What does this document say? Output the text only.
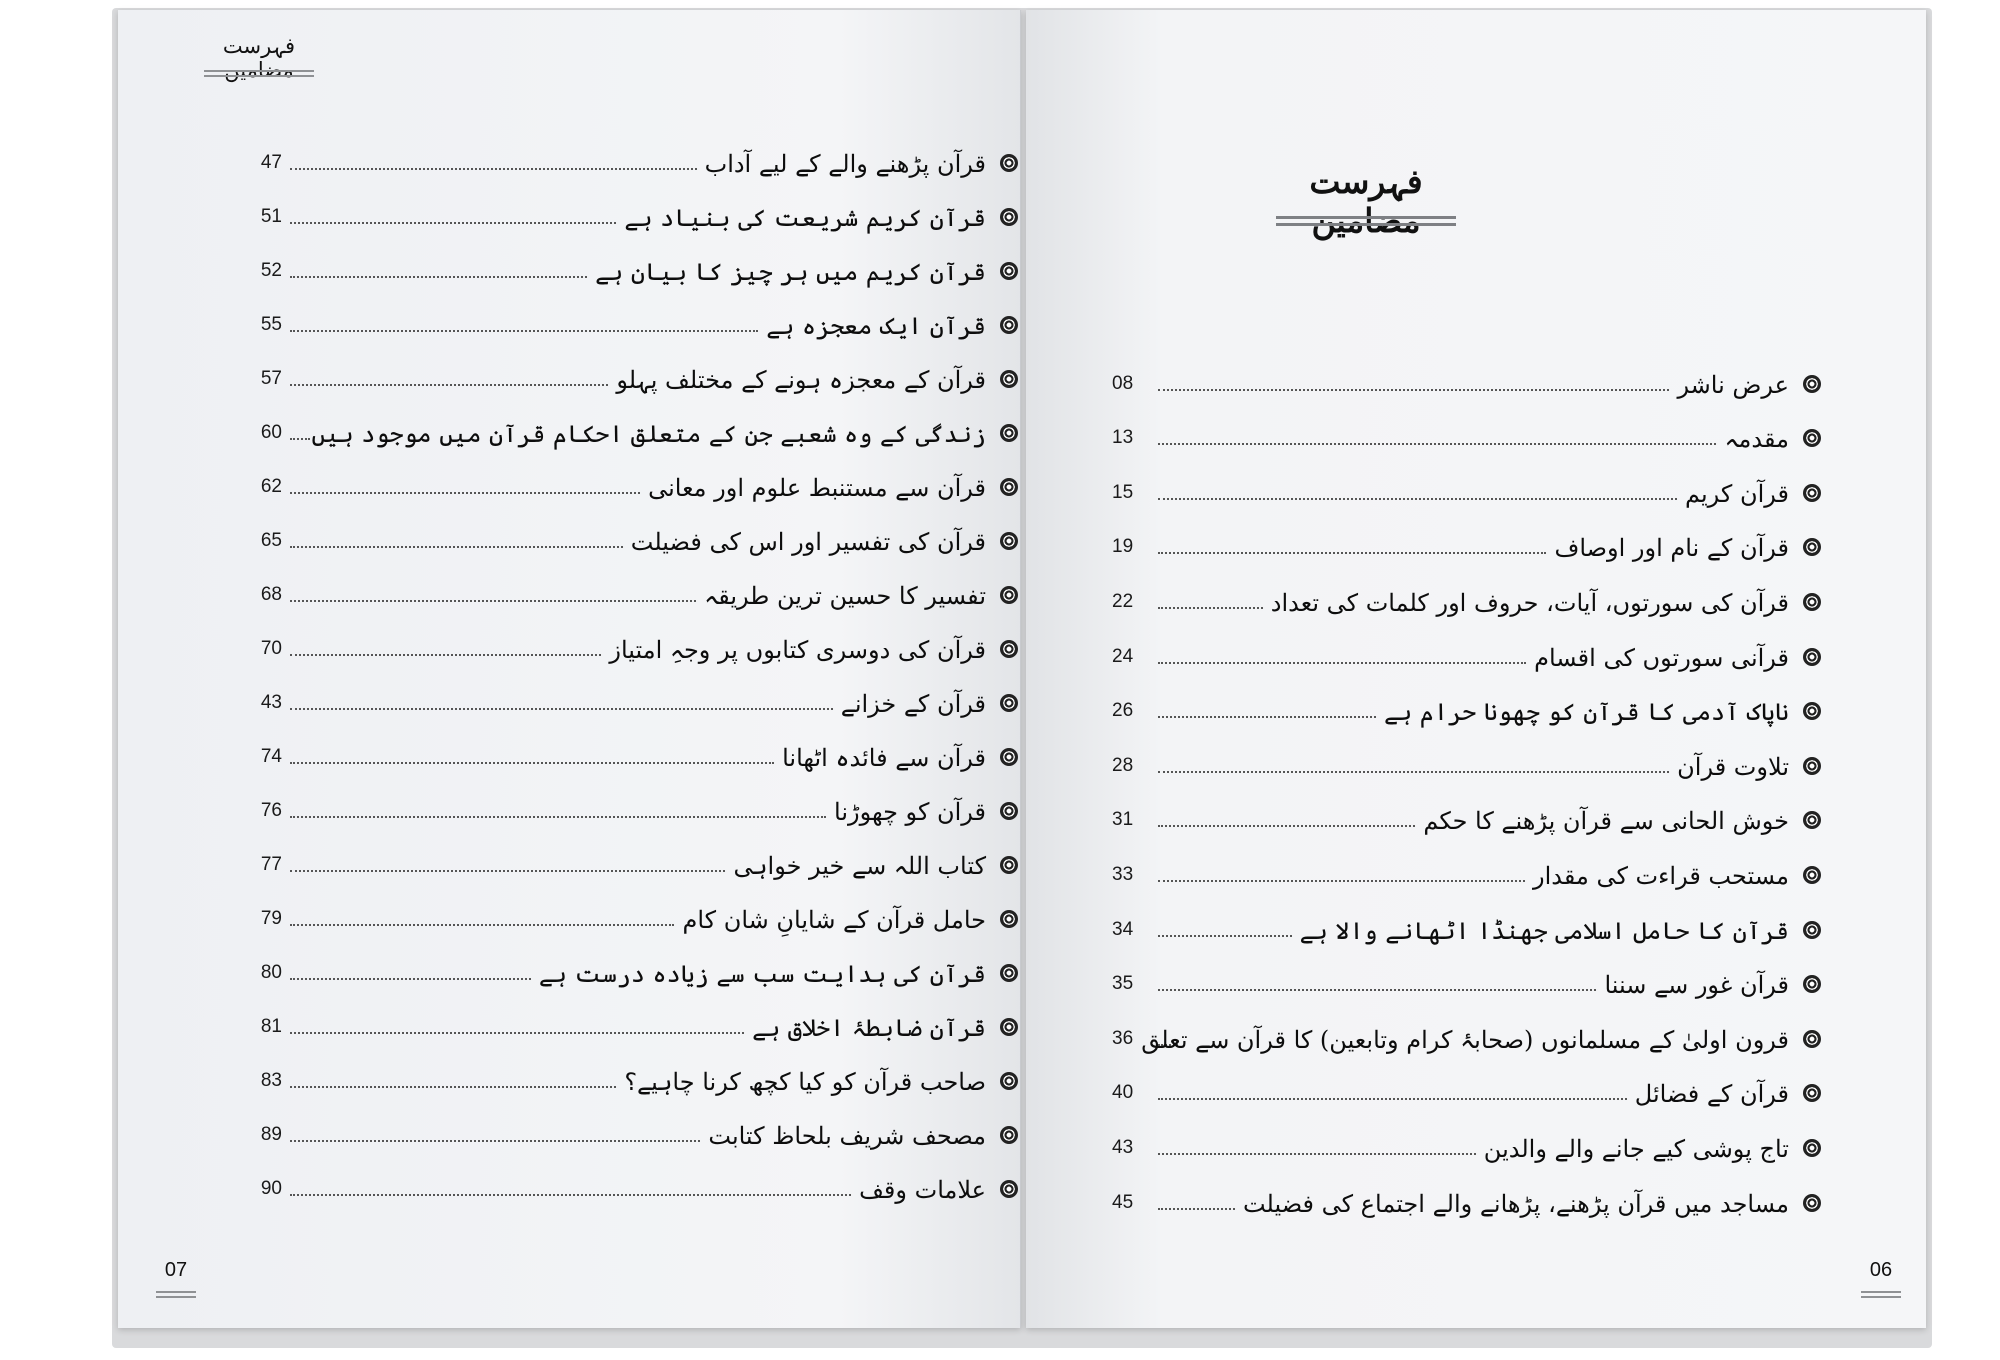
فہرست مضامین
47	قرآن پڑھنے والے کے لیے آداب
51	قرآن کریم شریعت کی بنیاد ہے
52	قرآن کریم میں ہر چیز کا بیان ہے
55	قرآن ایک معجزہ ہے
57	قرآن کے معجزہ ہونے کے مختلف پہلو
60 زندگی کے وہ شعبے جن کے متعلق احکام قرآن میں موجود ہیں
62	قرآن سے مستنبط علوم اور معانی
65	قرآن کی تفسیر اور اس کی فضیلت
68	تفسیر کا حسین ترین طریقہ
70	قرآن کی دوسری کتابوں پر وجہِ امتیاز
43	قرآن کے خزانے
74	قرآن سے فائدہ اٹھانا
76	قرآن کو چھوڑنا
77	کتاب اللہ سے خیر خواہی
79	حامل قرآن کے شایانِ شان کام
80	قرآن کی ہدایت سب سے زیادہ درست ہے
81	قرآن ضابطۂ اخلاق ہے
83	صاحب قرآن کو کیا کچھ کرنا چاہیے؟
89	مصحف شریف بلحاظ کتابت
90	علامات وقف
07
فہرست مضامین
08	عرض ناشر
13	مقدمہ
15	قرآن کریم
19	قرآن کے نام اور اوصاف
22	قرآن کی سورتوں، آیات، حروف اور کلمات کی تعداد
24	قرآنی سورتوں کی اقسام
26	ناپاک آدمی کا قرآن کو چھونا حرام ہے
28	تلاوت قرآن
31	خوش الحانی سے قرآن پڑھنے کا حکم
33	مستحب قراءت کی مقدار
34	قرآن کا حامل اسلامی جھنڈا اٹھانے والا ہے
35	قرآن غور سے سننا
36 قرون اولیٰ کے مسلمانوں (صحابۂ کرام وتابعین) کا قرآن سے تعلق
40	قرآن کے فضائل
43	تاج پوشی کیے جانے والے والدین
45	مساجد میں قرآن پڑھنے، پڑھانے والے اجتماع کی فضیلت
06
